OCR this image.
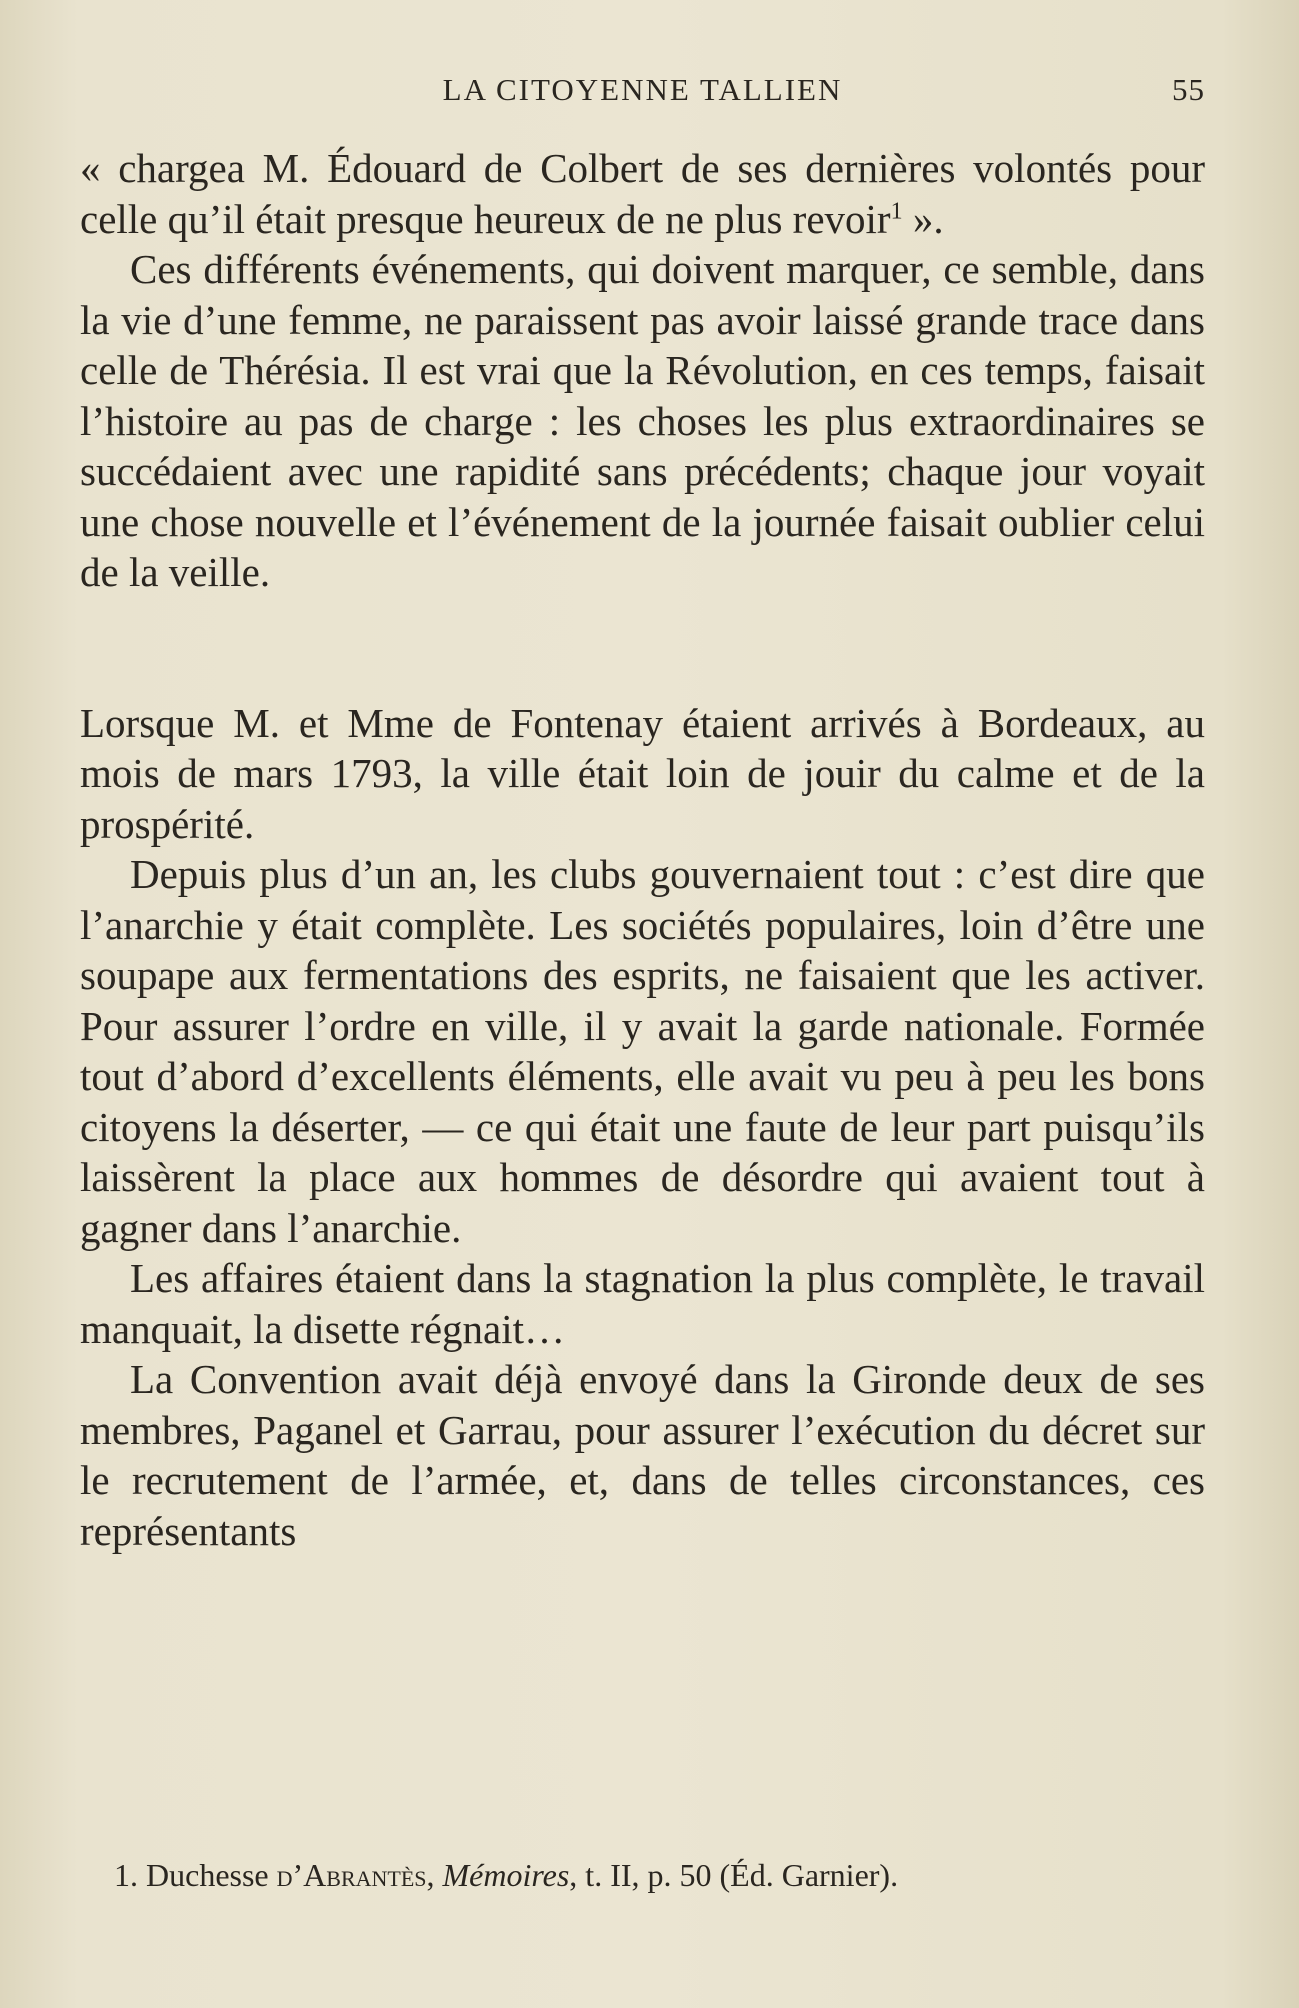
LA CITOYENNE TALLIEN	55

« chargea M. Édouard de Colbert de ses dernières volontés pour celle qu’il était presque heureux de ne plus revoir$^1$ ».

Ces différents événements, qui doivent marquer, ce semble, dans la vie d’une femme, ne paraissent pas avoir laissé grande trace dans celle de Thérésia. Il est vrai que la Révolution, en ces temps, faisait l’histoire au pas de charge : les choses les plus extraordinaires se succédaient avec une rapidité sans précédents; chaque jour voyait une chose nouvelle et l’événement de la journée faisait oublier celui de la veille.

Lorsque M. et Mme de Fontenay étaient arrivés à Bordeaux, au mois de mars 1793, la ville était loin de jouir du calme et de la prospérité.

Depuis plus d’un an, les clubs gouvernaient tout : c’est dire que l’anarchie y était complète. Les sociétés populaires, loin d’être une soupape aux fermentations des esprits, ne faisaient que les activer. Pour assurer l’ordre en ville, il y avait la garde nationale. Formée tout d’abord d’excellents éléments, elle avait vu peu à peu les bons citoyens la déserter, — ce qui était une faute de leur part puisqu’ils laissèrent la place aux hommes de désordre qui avaient tout à gagner dans l’anarchie.

Les affaires étaient dans la stagnation la plus complète, le travail manquait, la disette régnait…

La Convention avait déjà envoyé dans la Gironde deux de ses membres, Paganel et Garrau, pour assurer l’exécution du décret sur le recrutement de l’armée, et, dans de telles circonstances, ces représentants

1. Duchesse d’Abrantès, Mémoires, t. II, p. 50 (Éd. Garnier).
